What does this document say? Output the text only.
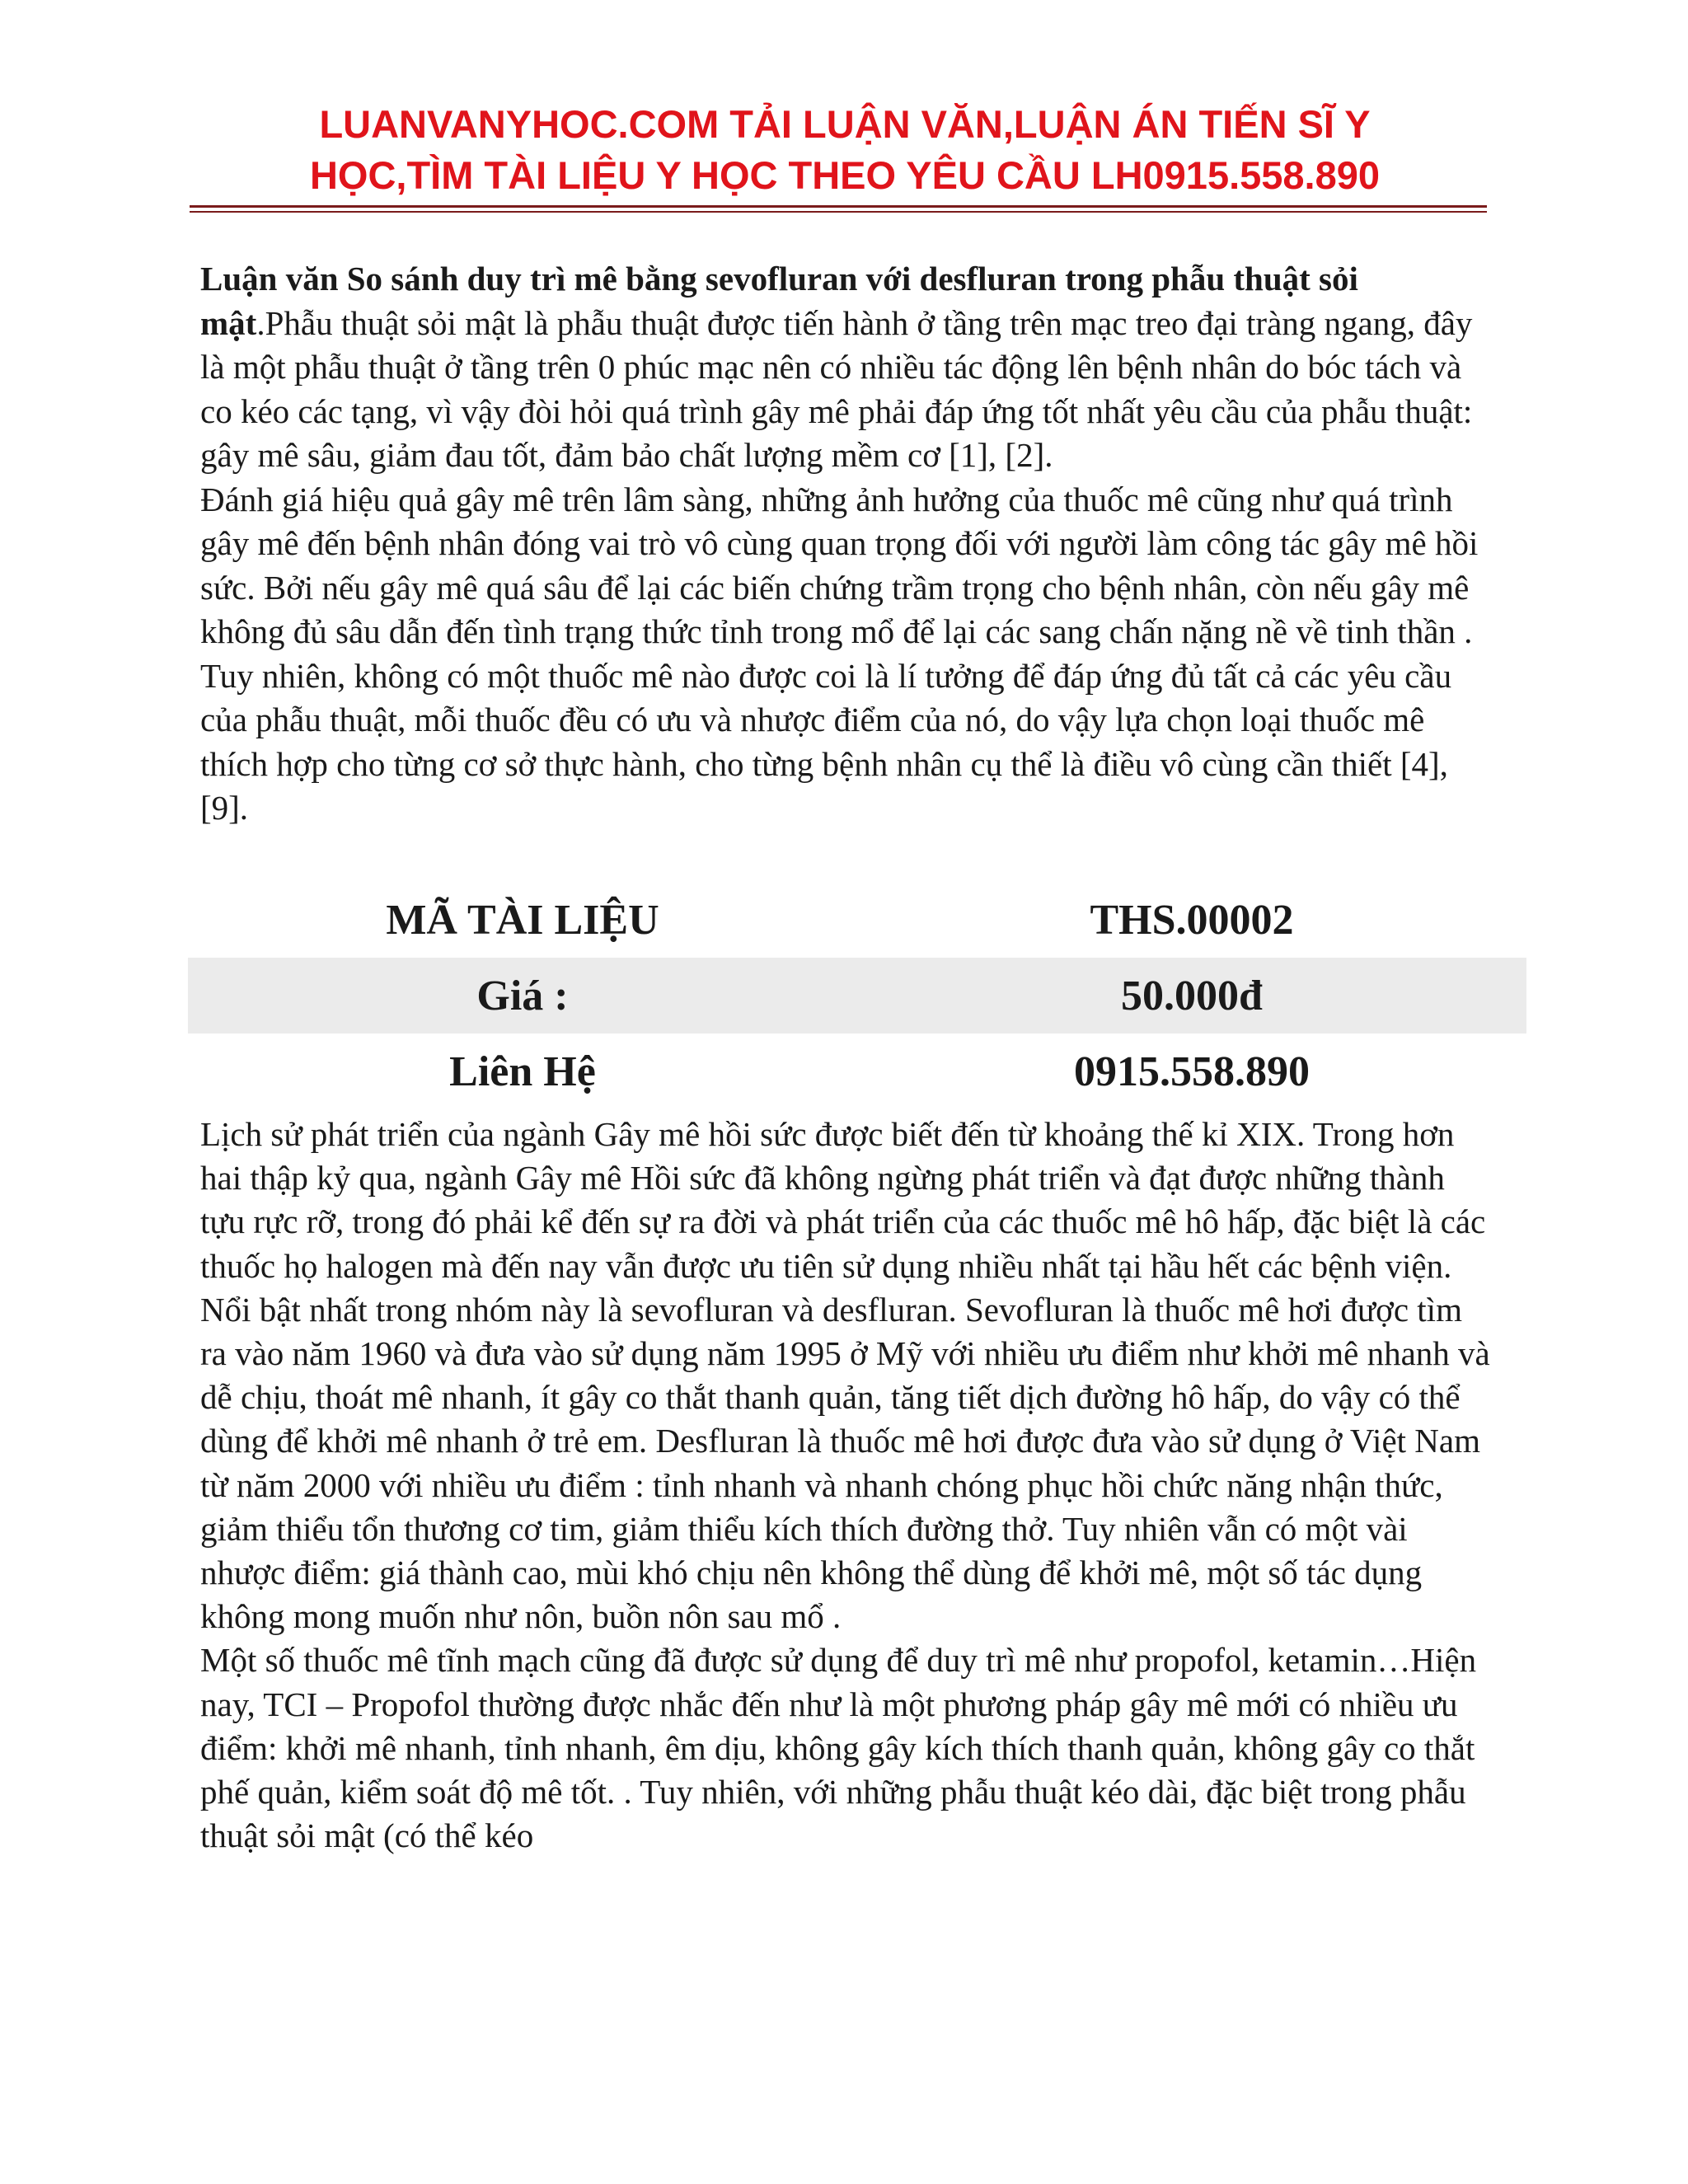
LUANVANYHOC.COM TẢI LUẬN VĂN,LUẬN ÁN TIẾN SĨ Y
HỌC,TÌM TÀI LIỆU Y HỌC THEO YÊU CẦU LH0915.558.890

Luận văn So sánh duy trì mê bằng sevofluran với desfluran trong phẫu thuật sỏi mật.Phẫu thuật sỏi mật là phẫu thuật được tiến hành ở tầng trên mạc treo đại tràng ngang, đây là một phẫu thuật ở tầng trên 0 phúc mạc nên có nhiều tác động lên bệnh nhân do bóc tách và co kéo các tạng, vì vậy đòi hỏi quá trình gây mê phải đáp ứng tốt nhất yêu cầu của phẫu thuật: gây mê sâu, giảm đau tốt, đảm bảo chất lượng mềm cơ [1], [2].

Đánh giá hiệu quả gây mê trên lâm sàng, những ảnh hưởng của thuốc mê cũng như quá trình gây mê đến bệnh nhân đóng vai trò vô cùng quan trọng đối với người làm công tác gây mê hồi sức. Bởi nếu gây mê quá sâu để lại các biến chứng trầm trọng cho bệnh nhân, còn nếu gây mê không đủ sâu dẫn đến tình trạng thức tỉnh trong mổ để lại các sang chấn nặng nề về tinh thần . Tuy nhiên, không có một thuốc mê nào được coi là lí tưởng để đáp ứng đủ tất cả các yêu cầu của phẫu thuật, mỗi thuốc đều có ưu và nhược điểm của nó, do vậy lựa chọn loại thuốc mê thích hợp cho từng cơ sở thực hành, cho từng bệnh nhân cụ thể là điều vô cùng cần thiết [4], [9].

MÃ TÀI LIỆU	THS.00002
Giá :	50.000đ
Liên Hệ	0915.558.890

Lịch sử phát triển của ngành Gây mê hồi sức được biết đến từ khoảng thế kỉ XIX. Trong hơn hai thập kỷ qua, ngành Gây mê Hồi sức đã không ngừng phát triển và đạt được những thành tựu rực rỡ, trong đó phải kể đến sự ra đời và phát triển của các thuốc mê hô hấp, đặc biệt là các thuốc họ halogen mà đến nay vẫn được ưu tiên sử dụng nhiều nhất tại hầu hết các bệnh viện. Nổi bật nhất trong nhóm này là sevofluran và desfluran. Sevofluran là thuốc mê hơi được tìm ra vào năm 1960 và đưa vào sử dụng năm 1995 ở Mỹ với nhiều ưu điểm như khởi mê nhanh và dễ chịu, thoát mê nhanh, ít gây co thắt thanh quản, tăng tiết dịch đường hô hấp, do vậy có thể dùng để khởi mê nhanh ở trẻ em. Desfluran là thuốc mê hơi được đưa vào sử dụng ở Việt Nam từ năm 2000 với nhiều ưu điểm : tỉnh nhanh và nhanh chóng phục hồi chức năng nhận thức, giảm thiểu tổn thương cơ tim, giảm thiểu kích thích đường thở. Tuy nhiên vẫn có một vài nhược điểm: giá thành cao, mùi khó chịu nên không thể dùng để khởi mê, một số tác dụng không mong muốn như nôn, buồn nôn sau mổ .

Một số thuốc mê tĩnh mạch cũng đã được sử dụng để duy trì mê như propofol, ketamin…Hiện nay, TCI – Propofol thường được nhắc đến như là một phương pháp gây mê mới có nhiều ưu điểm: khởi mê nhanh, tỉnh nhanh, êm dịu, không gây kích thích thanh quản, không gây co thắt phế quản, kiểm soát độ mê tốt. . Tuy nhiên, với những phẫu thuật kéo dài, đặc biệt trong phẫu thuật sỏi mật (có thể kéo
